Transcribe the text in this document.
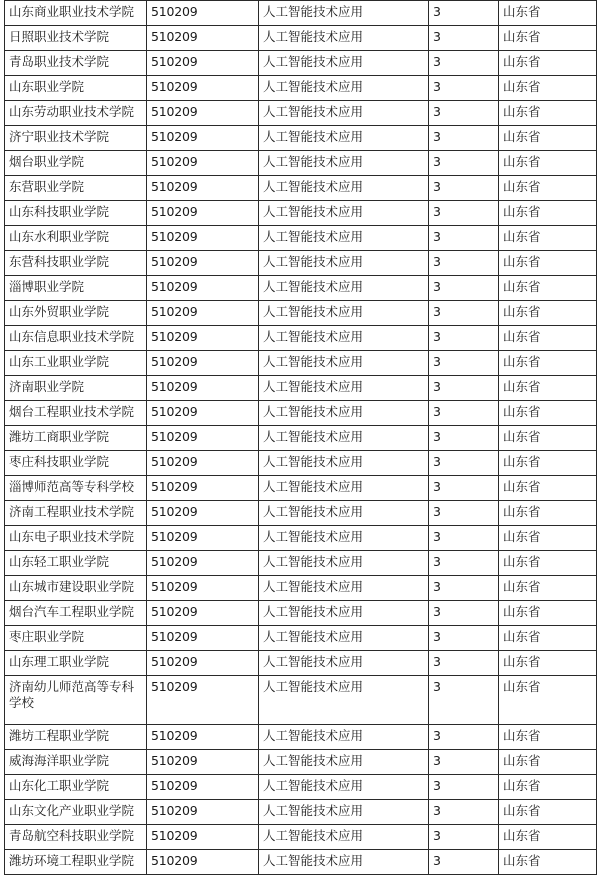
山东商业职业技术学院	510209	人工智能技术应用	3	山东省
日照职业技术学院	510209	人工智能技术应用	3	山东省
青岛职业技术学院	510209	人工智能技术应用	3	山东省
山东职业学院	510209	人工智能技术应用	3	山东省
山东劳动职业技术学院	510209	人工智能技术应用	3	山东省
济宁职业技术学院	510209	人工智能技术应用	3	山东省
烟台职业学院	510209	人工智能技术应用	3	山东省
东营职业学院	510209	人工智能技术应用	3	山东省
山东科技职业学院	510209	人工智能技术应用	3	山东省
山东水利职业学院	510209	人工智能技术应用	3	山东省
东营科技职业学院	510209	人工智能技术应用	3	山东省
淄博职业学院	510209	人工智能技术应用	3	山东省
山东外贸职业学院	510209	人工智能技术应用	3	山东省
山东信息职业技术学院	510209	人工智能技术应用	3	山东省
山东工业职业学院	510209	人工智能技术应用	3	山东省
济南职业学院	510209	人工智能技术应用	3	山东省
烟台工程职业技术学院	510209	人工智能技术应用	3	山东省
潍坊工商职业学院	510209	人工智能技术应用	3	山东省
枣庄科技职业学院	510209	人工智能技术应用	3	山东省
淄博师范高等专科学校	510209	人工智能技术应用	3	山东省
济南工程职业技术学院	510209	人工智能技术应用	3	山东省
山东电子职业技术学院	510209	人工智能技术应用	3	山东省
山东轻工职业学院	510209	人工智能技术应用	3	山东省
山东城市建设职业学院	510209	人工智能技术应用	3	山东省
烟台汽车工程职业学院	510209	人工智能技术应用	3	山东省
枣庄职业学院	510209	人工智能技术应用	3	山东省
山东理工职业学院	510209	人工智能技术应用	3	山东省
济南幼儿师范高等专科学校	510209	人工智能技术应用	3	山东省
潍坊工程职业学院	510209	人工智能技术应用	3	山东省
威海海洋职业学院	510209	人工智能技术应用	3	山东省
山东化工职业学院	510209	人工智能技术应用	3	山东省
山东文化产业职业学院	510209	人工智能技术应用	3	山东省
青岛航空科技职业学院	510209	人工智能技术应用	3	山东省
潍坊环境工程职业学院	510209	人工智能技术应用	3	山东省
